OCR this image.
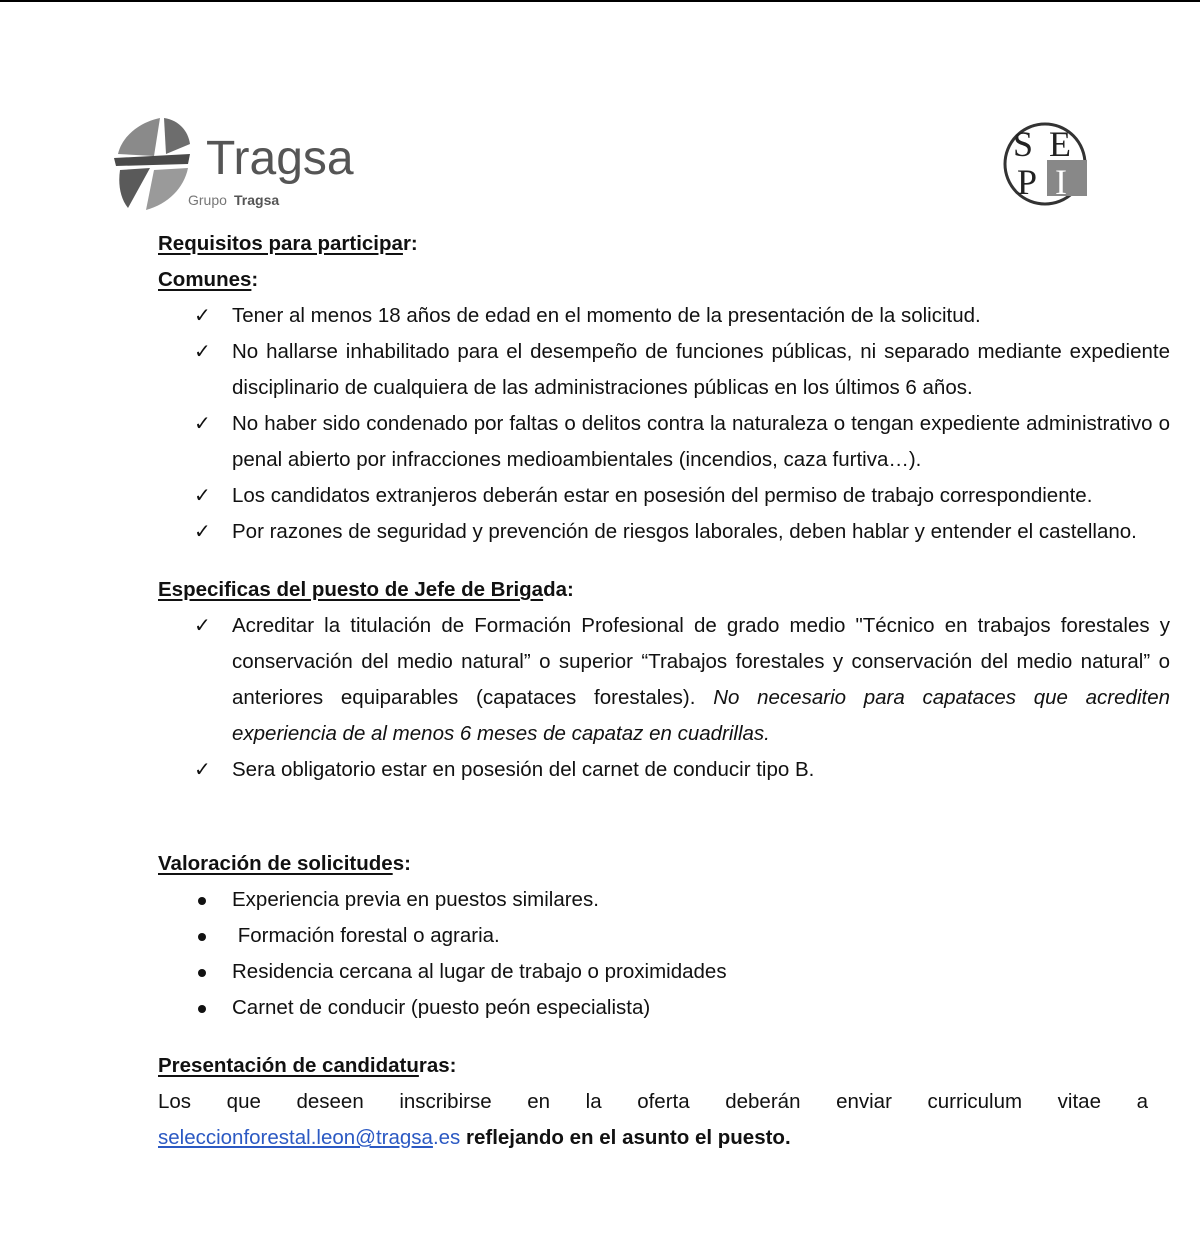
Tragsa
Grupo Tragsa
S E
P I
Requisitos para participar:
Comunes:
✓ Tener al menos 18 años de edad en el momento de la presentación de la solicitud.
✓ No hallarse inhabilitado para el desempeño de funciones públicas, ni separado mediante expediente disciplinario de cualquiera de las administraciones públicas en los últimos 6 años.
✓ No haber sido condenado por faltas o delitos contra la naturaleza o tengan expediente administrativo o penal abierto por infracciones medioambientales (incendios, caza furtiva…).
✓ Los candidatos extranjeros deberán estar en posesión del permiso de trabajo correspondiente.
✓ Por razones de seguridad y prevención de riesgos laborales, deben hablar y entender el castellano.
Especificas del puesto de Jefe de Brigada:
✓ Acreditar la titulación de Formación Profesional de grado medio "Técnico en trabajos forestales y conservación del medio natural” o superior “Trabajos forestales y conservación del medio natural” o anteriores equiparables (capataces forestales). No necesario para capataces que acrediten experiencia de al menos 6 meses de capataz en cuadrillas.
✓ Sera obligatorio estar en posesión del carnet de conducir tipo B.
Valoración de solicitudes:
Experiencia previa en puestos similares.
Formación forestal o agraria.
Residencia cercana al lugar de trabajo o proximidades
Carnet de conducir (puesto peón especialista)
Presentación de candidaturas:
Los que deseen inscribirse en la oferta deberán enviar curriculum vitae a
seleccionforestal.leon@tragsa.es reflejando en el asunto el puesto.
